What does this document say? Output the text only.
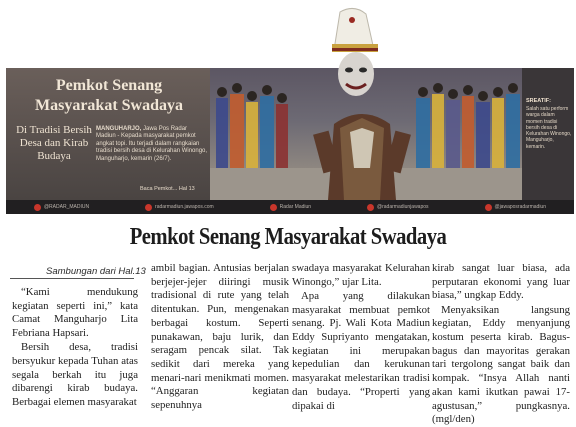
Pemkot Senang Masyarakat Swadaya
Di Tradisi Bersih Desa dan Kirab Budaya
MANGUHARJO, Jawa Pos Radar Madiun - Kepada masyarakat pemkot angkat topi. Itu terjadi dalam rangkaian tradisi bersih desa di Kelurahan Winongo, Manguharjo, kemarin (26/7).
Baca Pemkot... Hal 13

SREATIF:

Salah satu perform warga dalam momen tradisi bersih desa di Kelurahan Winongo, Manguharjo, kemarin.
@RADAR_MADIUN	radarmadiun.jawapos.com	Radar Madiun	@radarmadiunjawapos	@jawaposradarmadiun
Pemkot Senang Masyarakat Swadaya
Sambungan dari Hal.13

“Kami mendukung kegiatan seperti ini,” kata Camat Manguharjo Lita Febriana Hapsari.

Bersih desa, tradisi bersyukur kepada Tuhan atas segala berkah itu juga dibarengi kirab budaya. Berbagai elemen masyarakat

ambil bagian. Antusias berjalan berjejer-jejer diiringi musik tradisional di rute yang telah ditentukan. Pun, mengenakan berbagai kostum. Seperti punakawan, baju lurik, dan seragam pencak silat. Tak sedikit dari mereka yang menari-nari menikmati momen. “Anggaran kegiatan sepenuhnya

swadaya masyarakat Kelurahan Winongo,” ujar Lita.

Apa yang dilakukan masyarakat membuat pemkot senang. Pj. Wali Kota Madiun Eddy Supriyanto mengatakan, kegiatan ini merupakan kepedulian dan kerukunan masyarakat melestarikan tradisi dan budaya. “Properti yang dipakai di

kirab sangat luar biasa, ada perputaran ekonomi yang luar biasa,” ungkap Eddy.

Menyaksikan langsung kegiatan, Eddy menyanjung kostum peserta kirab. Bagus-bagus dan mayoritas gerakan tari tergolong sangat baik dan kompak. “Insya Allah nanti akan kami ikutkan pawai 17-agustusan,” pungkasnya. (mgl/den)
